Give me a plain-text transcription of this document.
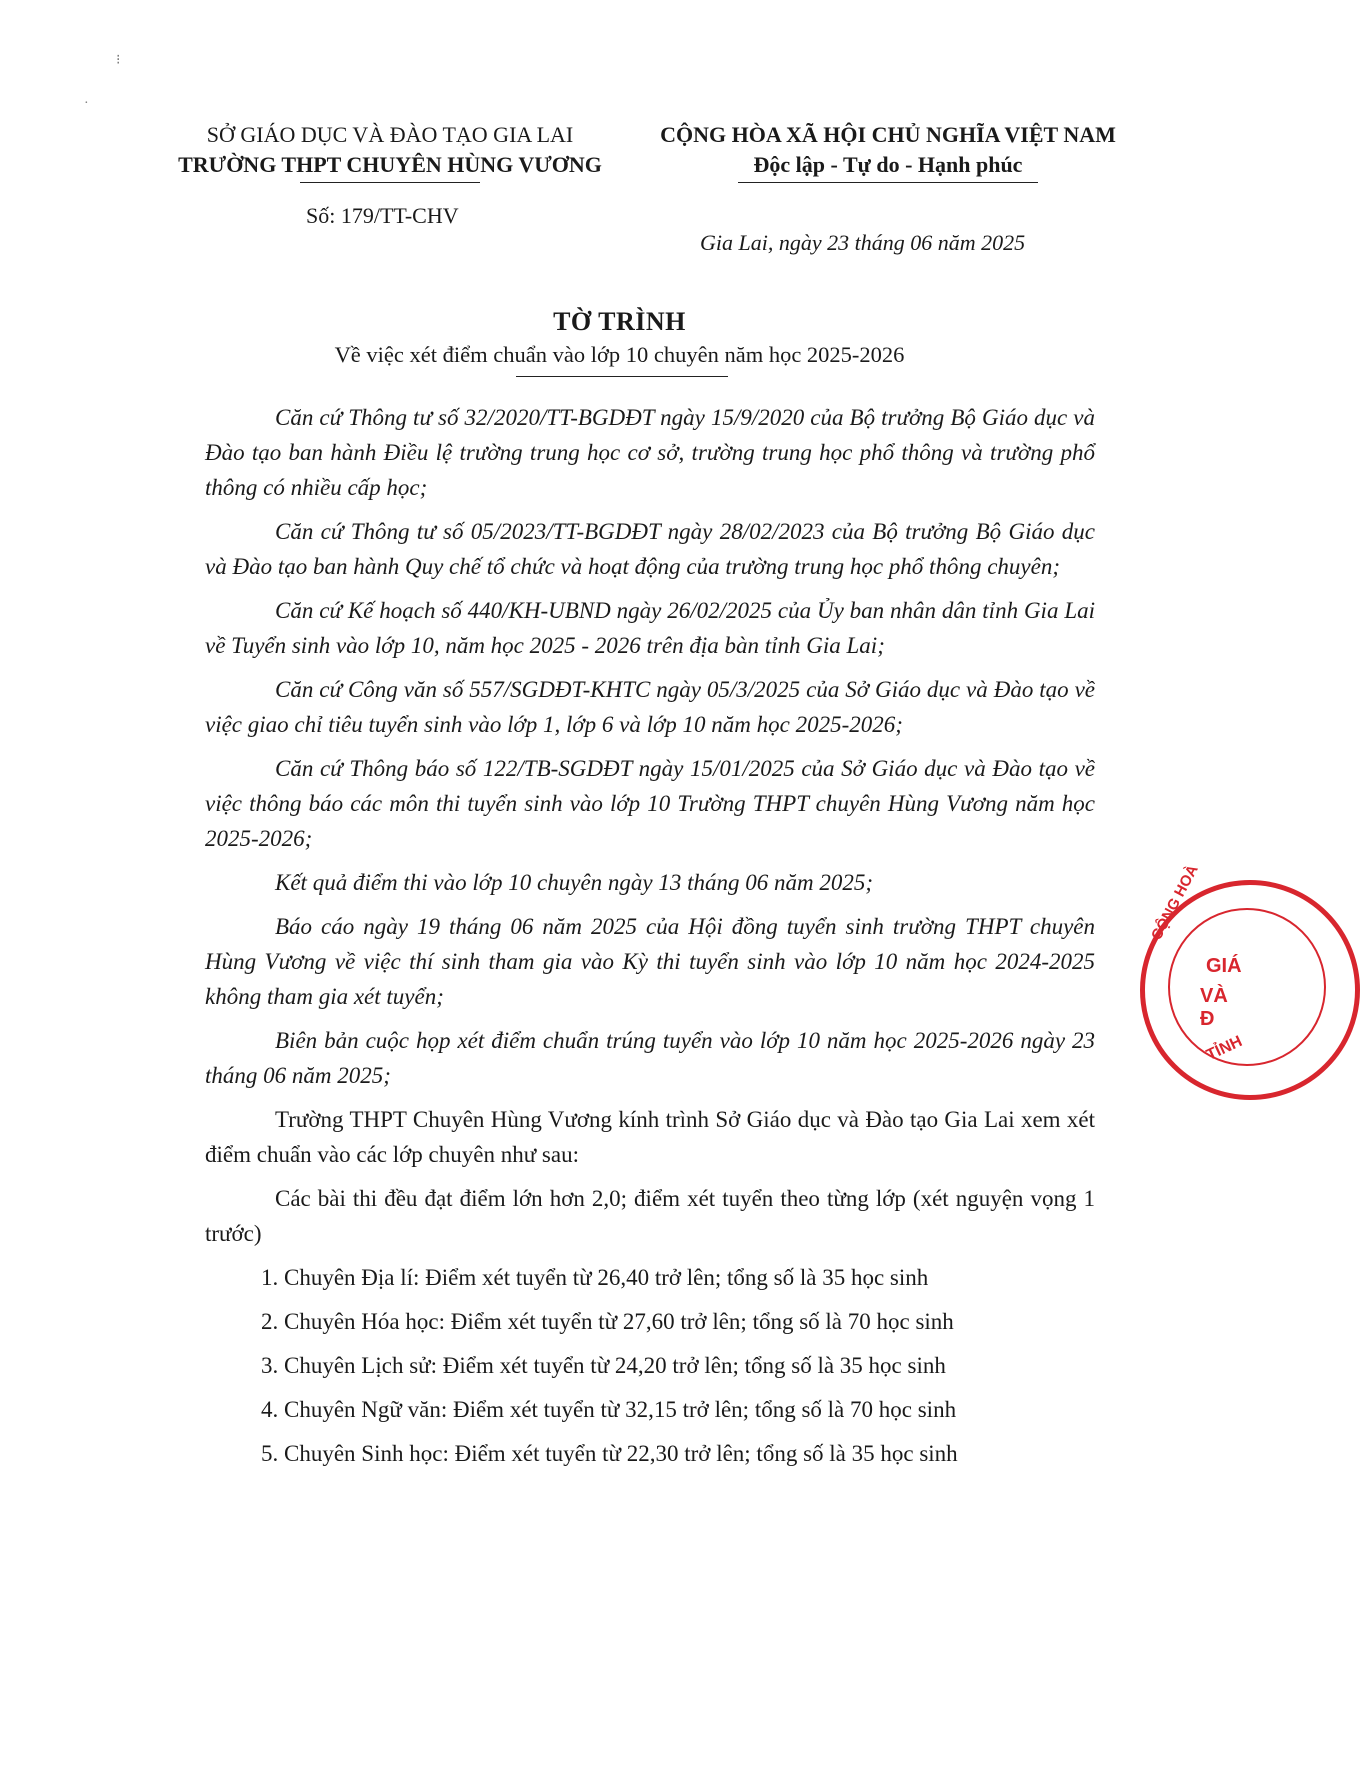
⁝
·
SỞ GIÁO DỤC VÀ ĐÀO TẠO GIA LAI
TRƯỜNG THPT CHUYÊN HÙNG VƯƠNG
Số: 179/TT-CHV
CỘNG HÒA XÃ HỘI CHỦ NGHĨA VIỆT NAM
Độc lập - Tự do - Hạnh phúc
Gia Lai, ngày 23 tháng 06 năm 2025
TỜ TRÌNH
Về việc xét điểm chuẩn vào lớp 10 chuyên năm học 2025-2026

Căn cứ Thông tư số 32/2020/TT-BGDĐT ngày 15/9/2020 của Bộ trưởng Bộ Giáo dục và Đào tạo ban hành Điều lệ trường trung học cơ sở, trường trung học phổ thông và trường phổ thông có nhiều cấp học;

Căn cứ Thông tư số 05/2023/TT-BGDĐT ngày 28/02/2023 của Bộ trưởng Bộ Giáo dục và Đào tạo ban hành Quy chế tổ chức và hoạt động của trường trung học phổ thông chuyên;

Căn cứ Kế hoạch số 440/KH-UBND ngày 26/02/2025 của Ủy ban nhân dân tỉnh Gia Lai về Tuyển sinh vào lớp 10, năm học 2025 - 2026 trên địa bàn tỉnh Gia Lai;

Căn cứ Công văn số 557/SGDĐT-KHTC ngày 05/3/2025 của Sở Giáo dục và Đào tạo về việc giao chỉ tiêu tuyển sinh vào lớp 1, lớp 6 và lớp 10 năm học 2025-2026;

Căn cứ Thông báo số 122/TB-SGDĐT ngày 15/01/2025 của Sở Giáo dục và Đào tạo về việc thông báo các môn thi tuyển sinh vào lớp 10 Trường THPT chuyên Hùng Vương năm học 2025-2026;

Kết quả điểm thi vào lớp 10 chuyên ngày 13 tháng 06 năm 2025;

Báo cáo ngày 19 tháng 06 năm 2025 của Hội đồng tuyển sinh trường THPT chuyên Hùng Vương về việc thí sinh tham gia vào Kỳ thi tuyển sinh vào lớp 10 năm học 2024-2025 không tham gia xét tuyển;

Biên bản cuộc họp xét điểm chuẩn trúng tuyển vào lớp 10 năm học 2025-2026 ngày 23 tháng 06 năm 2025;

Trường THPT Chuyên Hùng Vương kính trình Sở Giáo dục và Đào tạo Gia Lai xem xét điểm chuẩn vào các lớp chuyên như sau:

Các bài thi đều đạt điểm lớn hơn 2,0; điểm xét tuyển theo từng lớp (xét nguyện vọng 1 trước)

1. Chuyên Địa lí: Điểm xét tuyển từ 26,40 trở lên; tổng số là 35 học sinh
2. Chuyên Hóa học: Điểm xét tuyển từ 27,60 trở lên; tổng số là 70 học sinh
3. Chuyên Lịch sử: Điểm xét tuyển từ 24,20 trở lên; tổng số là 35 học sinh
4. Chuyên Ngữ văn: Điểm xét tuyển từ 32,15 trở lên; tổng số là 70 học sinh
5. Chuyên Sinh học: Điểm xét tuyển từ 22,30 trở lên; tổng số là 35 học sinh
CỘNG HOÀ
GIÁ
VÀ Đ
TỈNH
